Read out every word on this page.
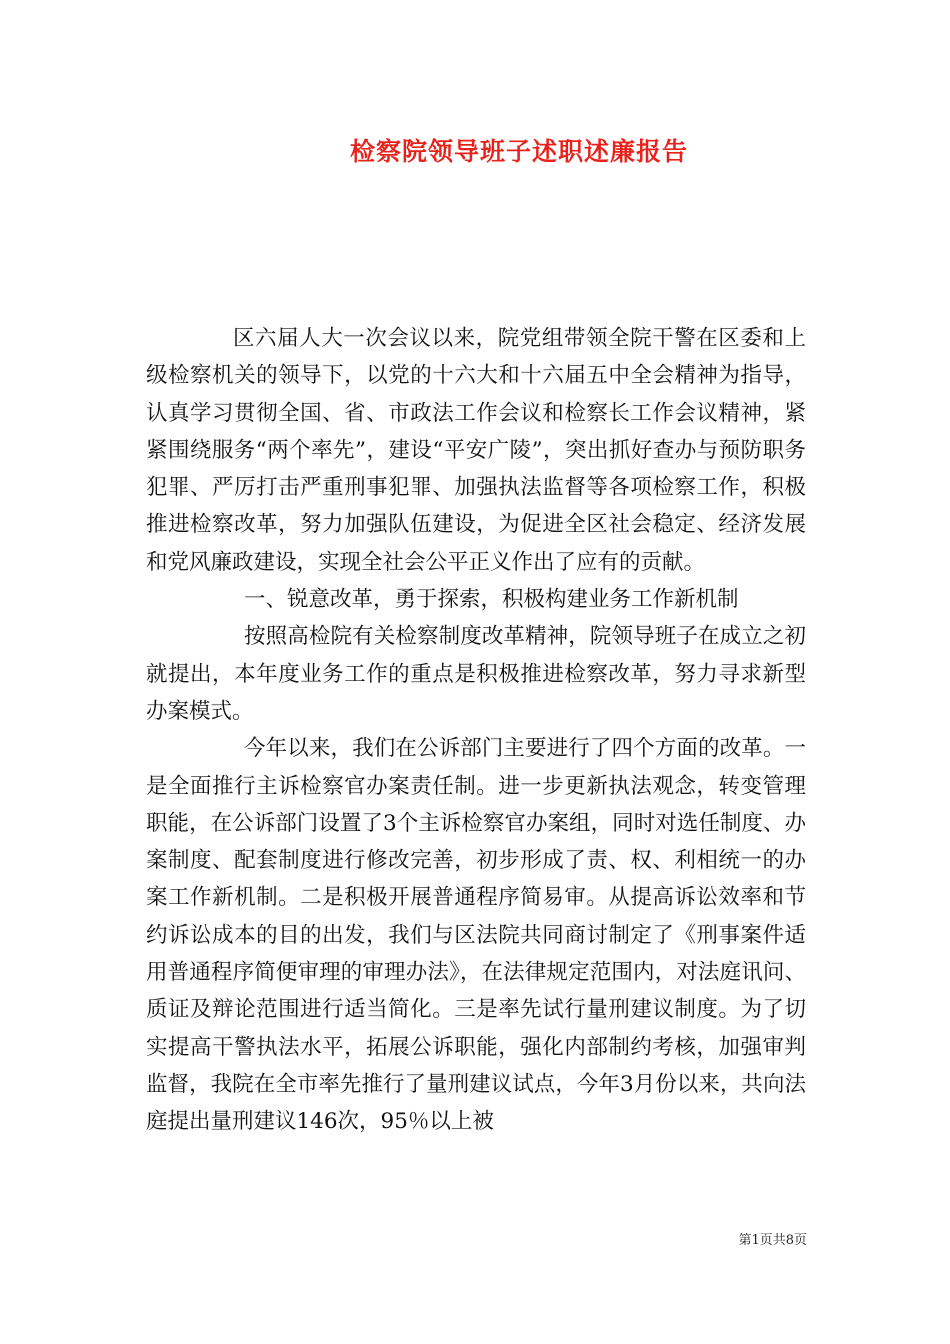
检察院领导班子述职述廉报告

区六届人大一次会议以来，院党组带领全院干警在区委和上级检察机关的领导下，以党的十六大和十六届五中全会精神为指导，认真学习贯彻全国、省、市政法工作会议和检察长工作会议精神，紧紧围绕服务“两个率先”，建设“平安广陵”，突出抓好查办与预防职务犯罪、严厉打击严重刑事犯罪、加强执法监督等各项检察工作，积极推进检察改革，努力加强队伍建设，为促进全区社会稳定、经济发展和党风廉政建设，实现全社会公平正义作出了应有的贡献。

一、锐意改革，勇于探索，积极构建业务工作新机制

按照高检院有关检察制度改革精神，院领导班子在成立之初就提出，本年度业务工作的重点是积极推进检察改革，努力寻求新型办案模式。

今年以来，我们在公诉部门主要进行了四个方面的改革。一是全面推行主诉检察官办案责任制。进一步更新执法观念，转变管理职能，在公诉部门设置了3个主诉检察官办案组，同时对选任制度、办案制度、配套制度进行修改完善，初步形成了责、权、利相统一的办案工作新机制。二是积极开展普通程序简易审。从提高诉讼效率和节约诉讼成本的目的出发，我们与区法院共同商讨制定了《刑事案件适用普通程序简便审理的审理办法》，在法律规定范围内，对法庭讯问、质证及辩论范围进行适当简化。三是率先试行量刑建议制度。为了切实提高干警执法水平，拓展公诉职能，强化内部制约考核，加强审判监督，我院在全市率先推行了量刑建议试点，今年3月份以来，共向法庭提出量刑建议146次，95％以上被

第1页共8页
